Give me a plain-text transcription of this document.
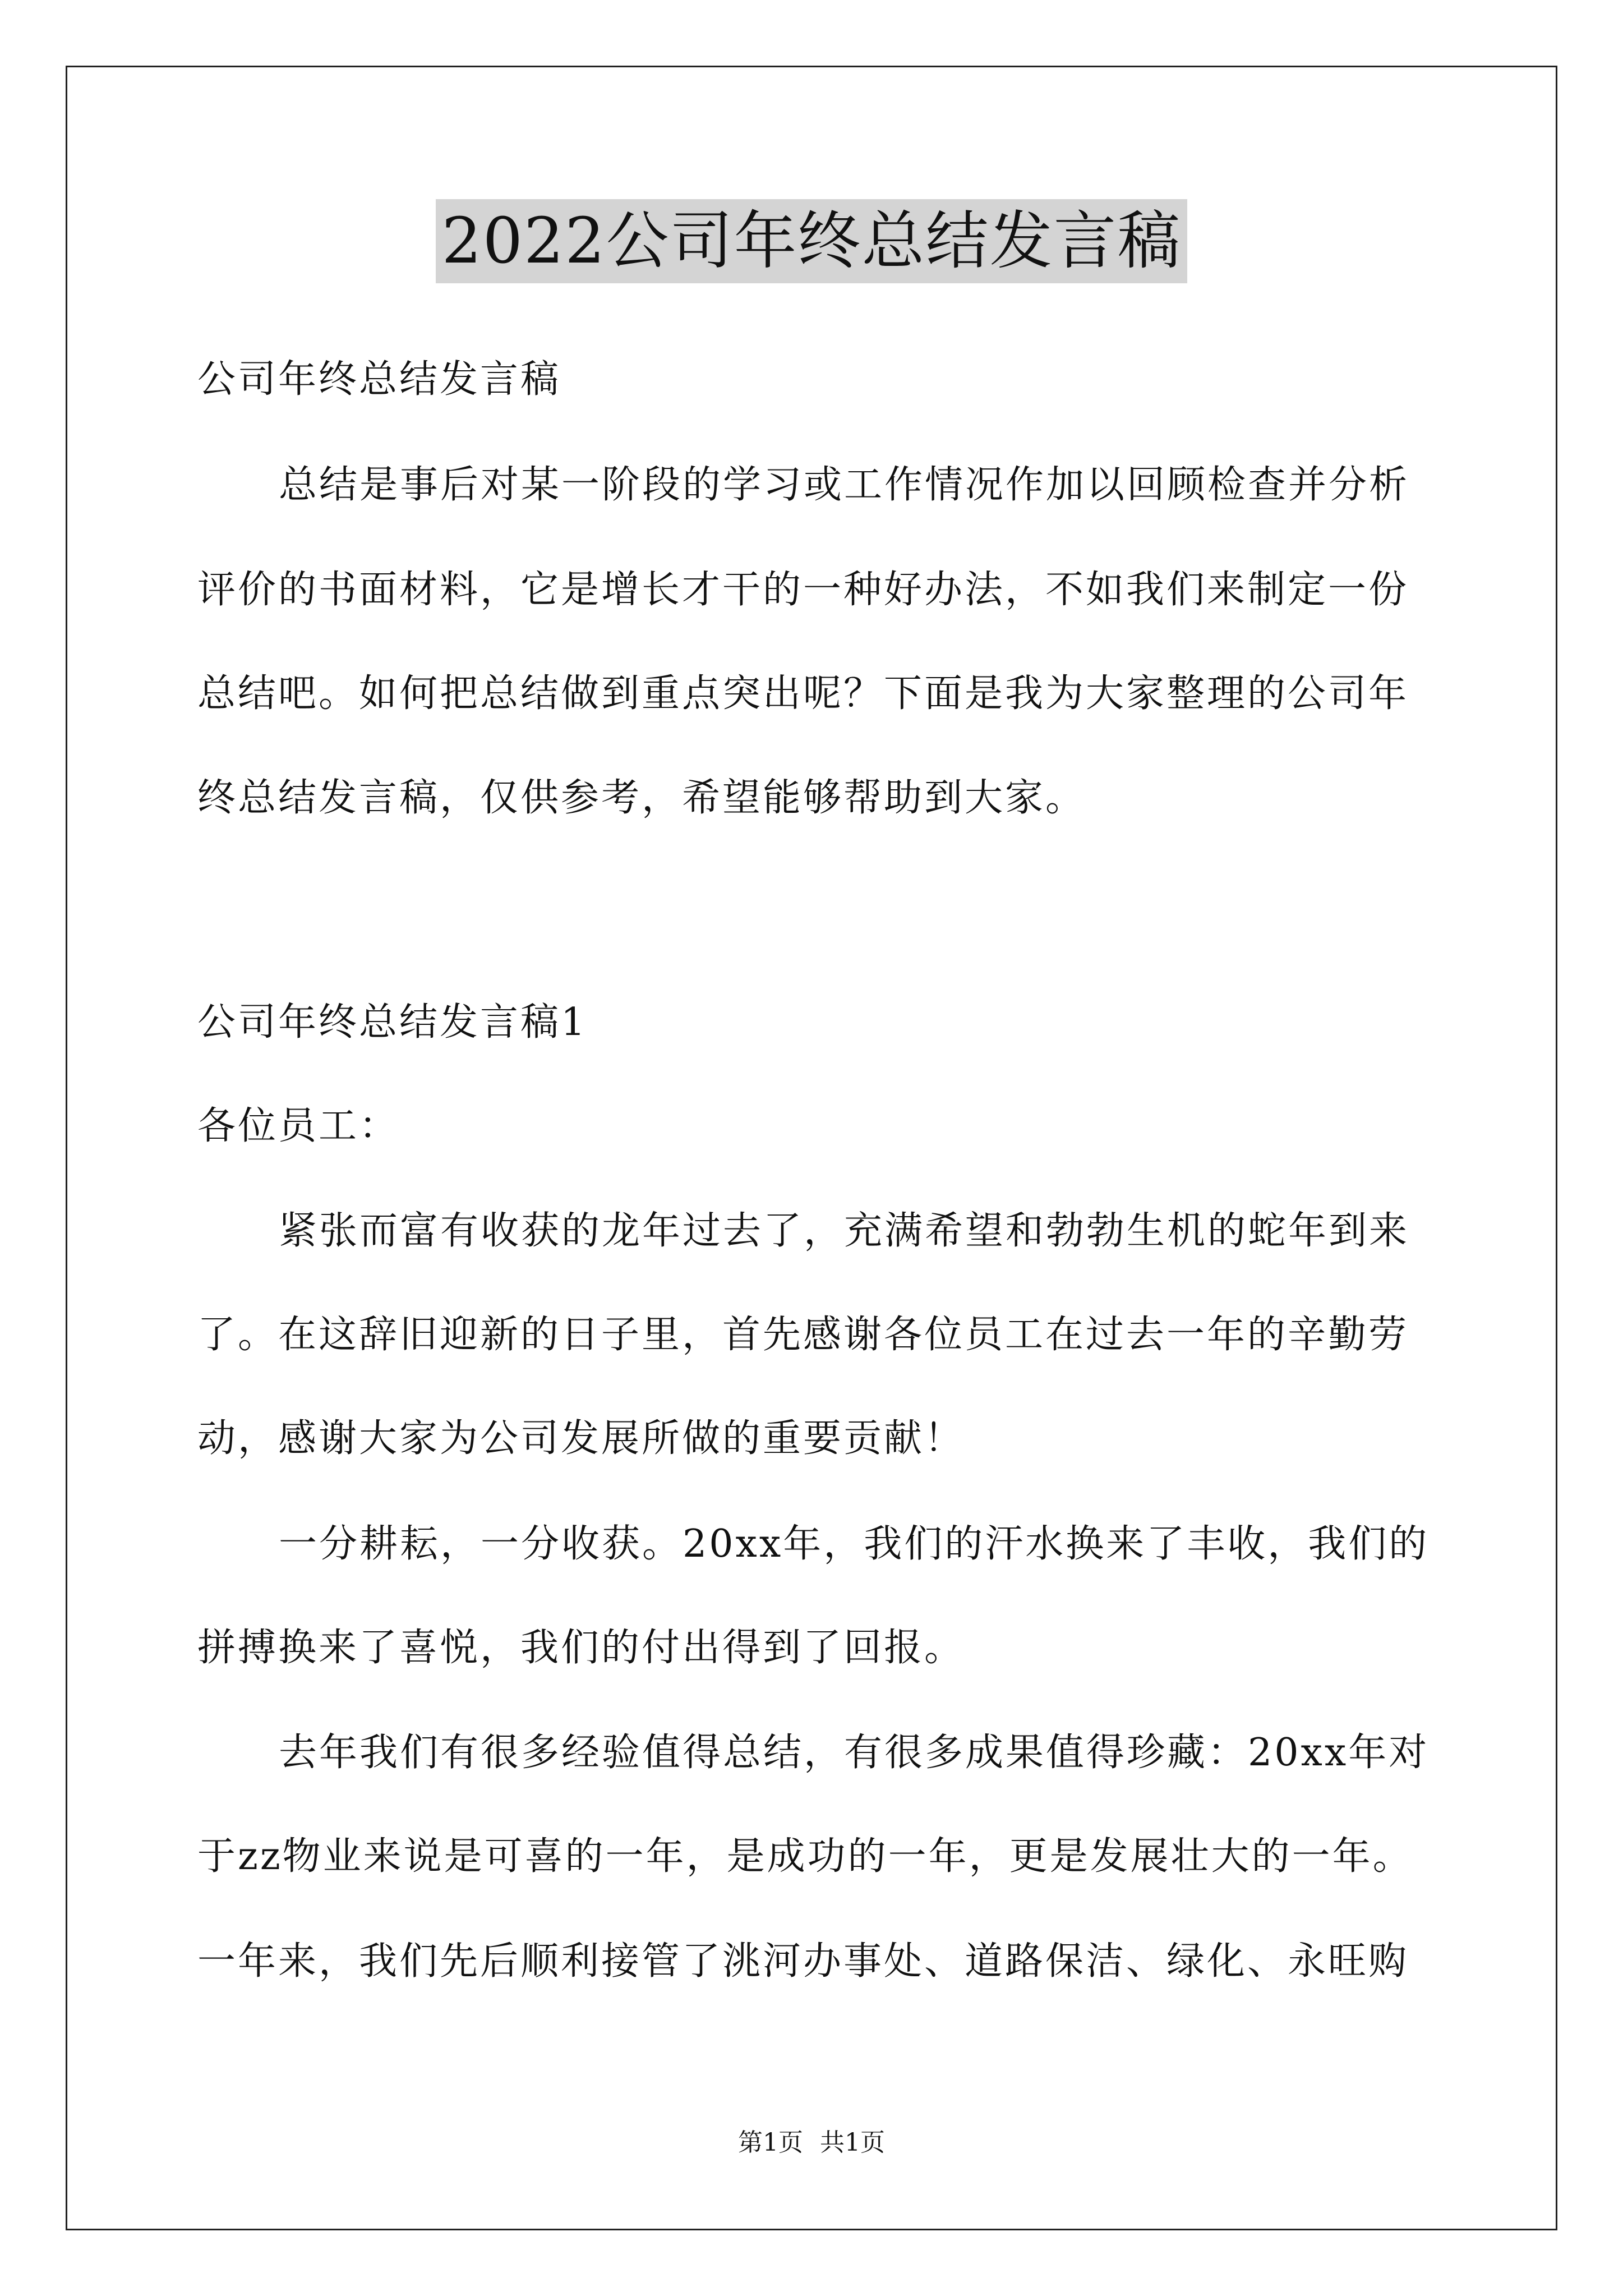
2022公司年终总结发言稿
公司年终总结发言稿
总结是事后对某一阶段的学习或工作情况作加以回顾检查并分析
评价的书面材料，它是增长才干的一种好办法，不如我们来制定一份
总结吧。如何把总结做到重点突出呢？下面是我为大家整理的公司年
终总结发言稿，仅供参考，希望能够帮助到大家。
公司年终总结发言稿1
各位员工：
紧张而富有收获的龙年过去了，充满希望和勃勃生机的蛇年到来
了。在这辞旧迎新的日子里，首先感谢各位员工在过去一年的辛勤劳
动，感谢大家为公司发展所做的重要贡献！
一分耕耘，一分收获。20xx年，我们的汗水换来了丰收，我们的
拼搏换来了喜悦，我们的付出得到了回报。
去年我们有很多经验值得总结，有很多成果值得珍藏：20xx年对
于zz物业来说是可喜的一年，是成功的一年，更是发展壮大的一年。
一年来，我们先后顺利接管了洮河办事处、道路保洁、绿化、永旺购
第1页 共1页
